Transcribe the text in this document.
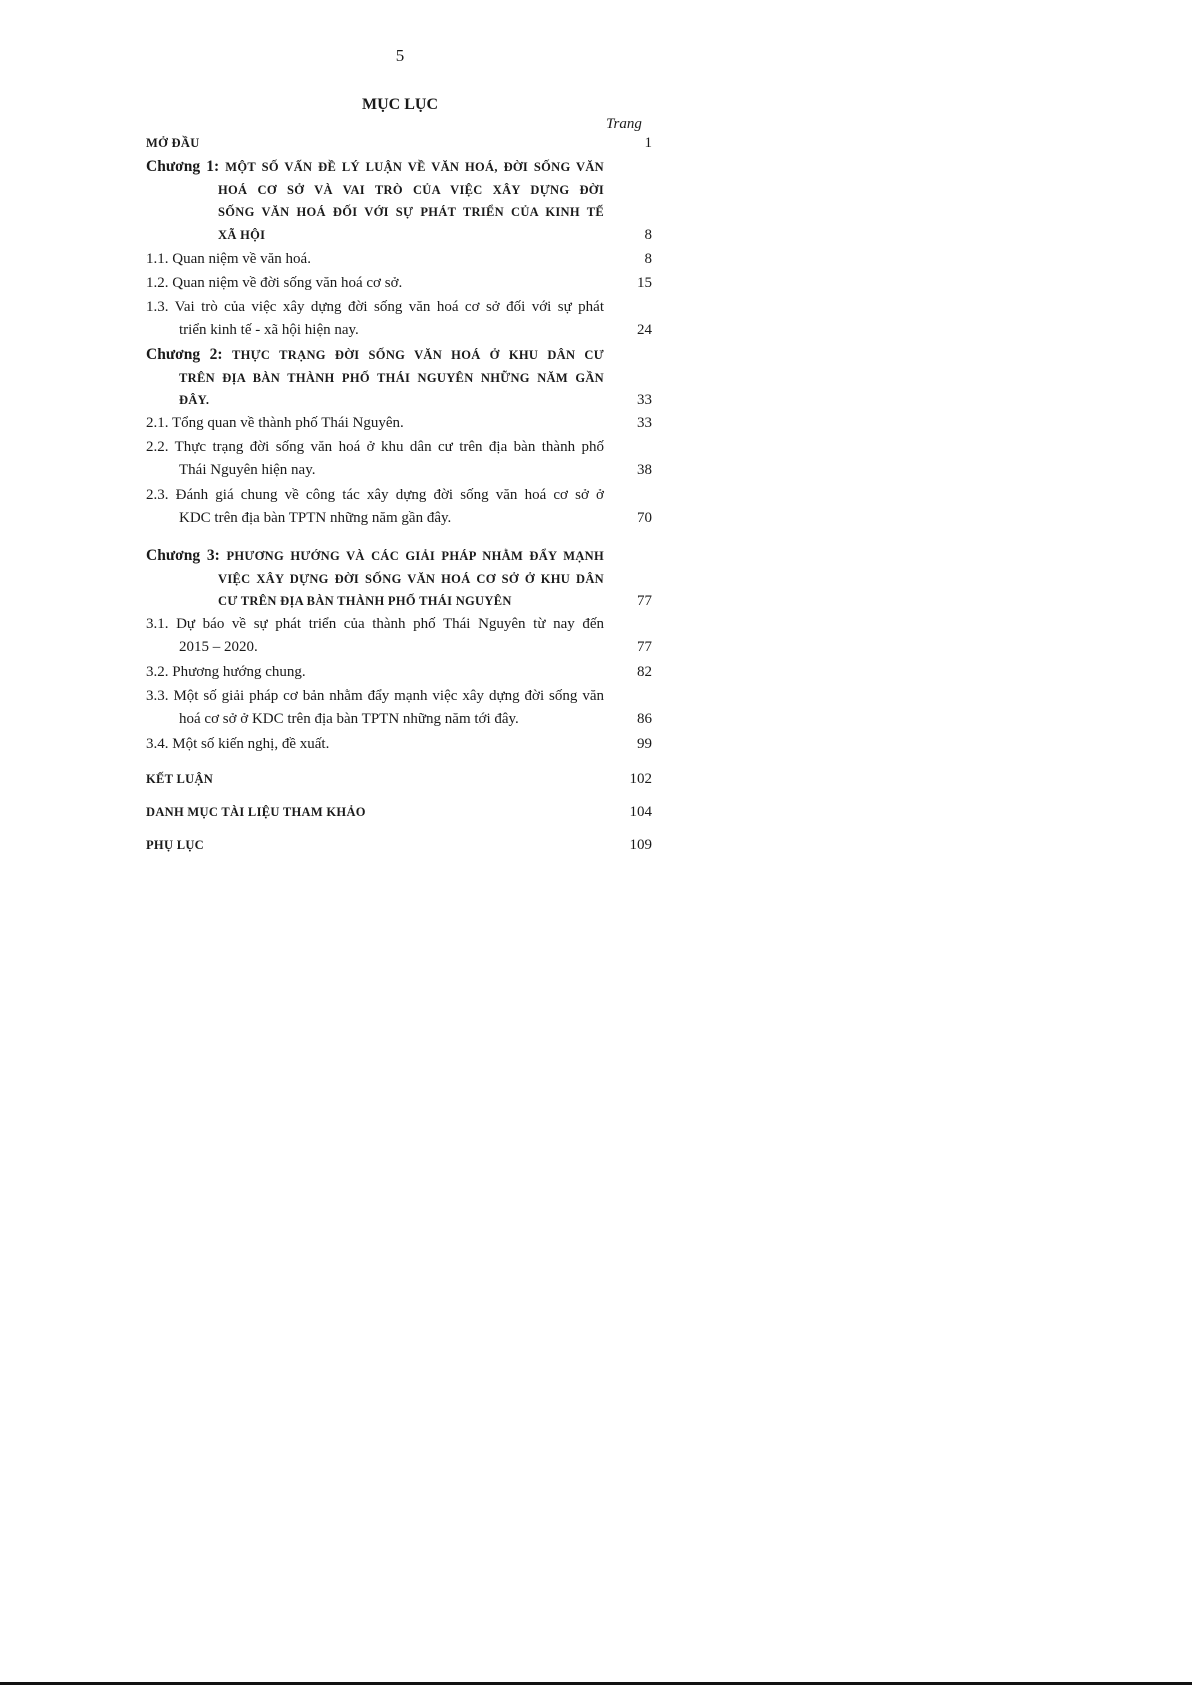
5
MỤC LỤC
Trang
MỞ ĐẦU	1
Chương 1: MỘT SỐ VẤN ĐỀ LÝ LUẬN VỀ VĂN HOÁ, ĐỜI SỐNG VĂN
HOÁ CƠ SỞ VÀ VAI TRÒ CỦA VIỆC XÂY DỰNG ĐỜI
SỐNG VĂN HOÁ ĐỐI VỚI SỰ PHÁT TRIỂN CỦA KINH TẾ
XÃ HỘI	8
1.1. Quan niệm về văn hoá.	8
1.2. Quan niệm về đời sống văn hoá cơ sở.	15
1.3. Vai trò của việc xây dựng đời sống văn hoá cơ sở đối với sự phát
triển kinh tế - xã hội hiện nay.	24
Chương 2: THỰC TRẠNG ĐỜI SỐNG VĂN HOÁ Ở KHU DÂN CƯ
TRÊN ĐỊA BÀN THÀNH PHỐ THÁI NGUYÊN NHỮNG NĂM GẦN
ĐÂY.	33
2.1. Tổng quan về thành phố Thái Nguyên.	33
2.2. Thực trạng đời sống văn hoá ở khu dân cư trên địa bàn thành phố
Thái Nguyên hiện nay.	38
2.3. Đánh giá chung về công tác xây dựng đời sống văn hoá cơ sở ở
KDC trên địa bàn TPTN những năm gần đây.	70
Chương 3: PHƯƠNG HƯỚNG VÀ CÁC GIẢI PHÁP NHẰM ĐẨY MẠNH
VIỆC XÂY DỰNG ĐỜI SỐNG VĂN HOÁ CƠ SỞ Ở KHU DÂN
CƯ TRÊN ĐỊA BÀN THÀNH PHỐ THÁI NGUYÊN	77
3.1. Dự báo về sự phát triển của thành phố Thái Nguyên từ nay đến
2015 – 2020.	77
3.2. Phương hướng chung.	82
3.3. Một số giải pháp cơ bản nhằm đẩy mạnh việc xây dựng đời sống văn
hoá cơ sở ở KDC trên địa bàn TPTN những năm tới đây.	86
3.4. Một số kiến nghị, đề xuất.	99
KẾT LUẬN	102
DANH MỤC TÀI LIỆU THAM KHẢO	104
PHỤ LỤC	109
